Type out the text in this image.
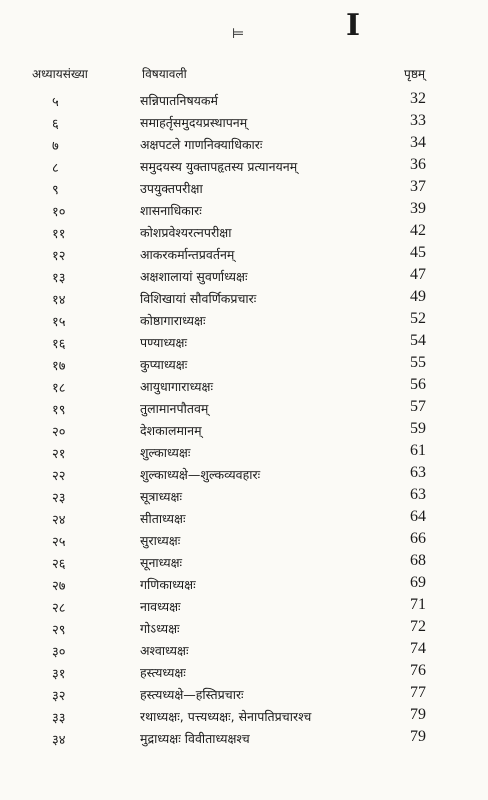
⊨	I
अध्यायसंख्या	विषयावली	पृष्ठम्
५	सन्निपातनिषयकर्म	32
६	समाहर्तृसमुदयप्रस्थापनम्	33
७	अक्षपटले गाणनिक्याधिकारः	34
८	समुदयस्य युक्तापहृतस्य प्रत्यानयनम्	36
९	उपयुक्तपरीक्षा	37
१०	शासनाधिकारः	39
११	कोशप्रवेश्यरत्नपरीक्षा	42
१२	आकरकर्मान्तप्रवर्तनम्	45
१३	अक्षशालायां सुवर्णाध्यक्षः	47
१४	विशिखायां सौवर्णिकप्रचारः	49
१५	कोष्ठागाराध्यक्षः	52
१६	पण्याध्यक्षः	54
१७	कुप्याध्यक्षः	55
१८	आयुधागाराध्यक्षः	56
१९	तुलामानपौतवम्	57
२०	देशकालमानम्	59
२१	शुल्काध्यक्षः	61
२२	शुल्काध्यक्षे—शुल्कव्यवहारः	63
२३	सूत्राध्यक्षः	63
२४	सीताध्यक्षः	64
२५	सुराध्यक्षः	66
२६	सूनाध्यक्षः	68
२७	गणिकाध्यक्षः	69
२८	नावध्यक्षः	71
२९	गोऽध्यक्षः	72
३०	अश्वाध्यक्षः	74
३१	हस्त्यध्यक्षः	76
३२	हस्त्यध्यक्षे—हस्तिप्रचारः	77
३३	रथाध्यक्षः, पत्त्यध्यक्षः, सेनापतिप्रचारश्च	79
३४	मुद्राध्यक्षः विवीताध्यक्षश्च	79
